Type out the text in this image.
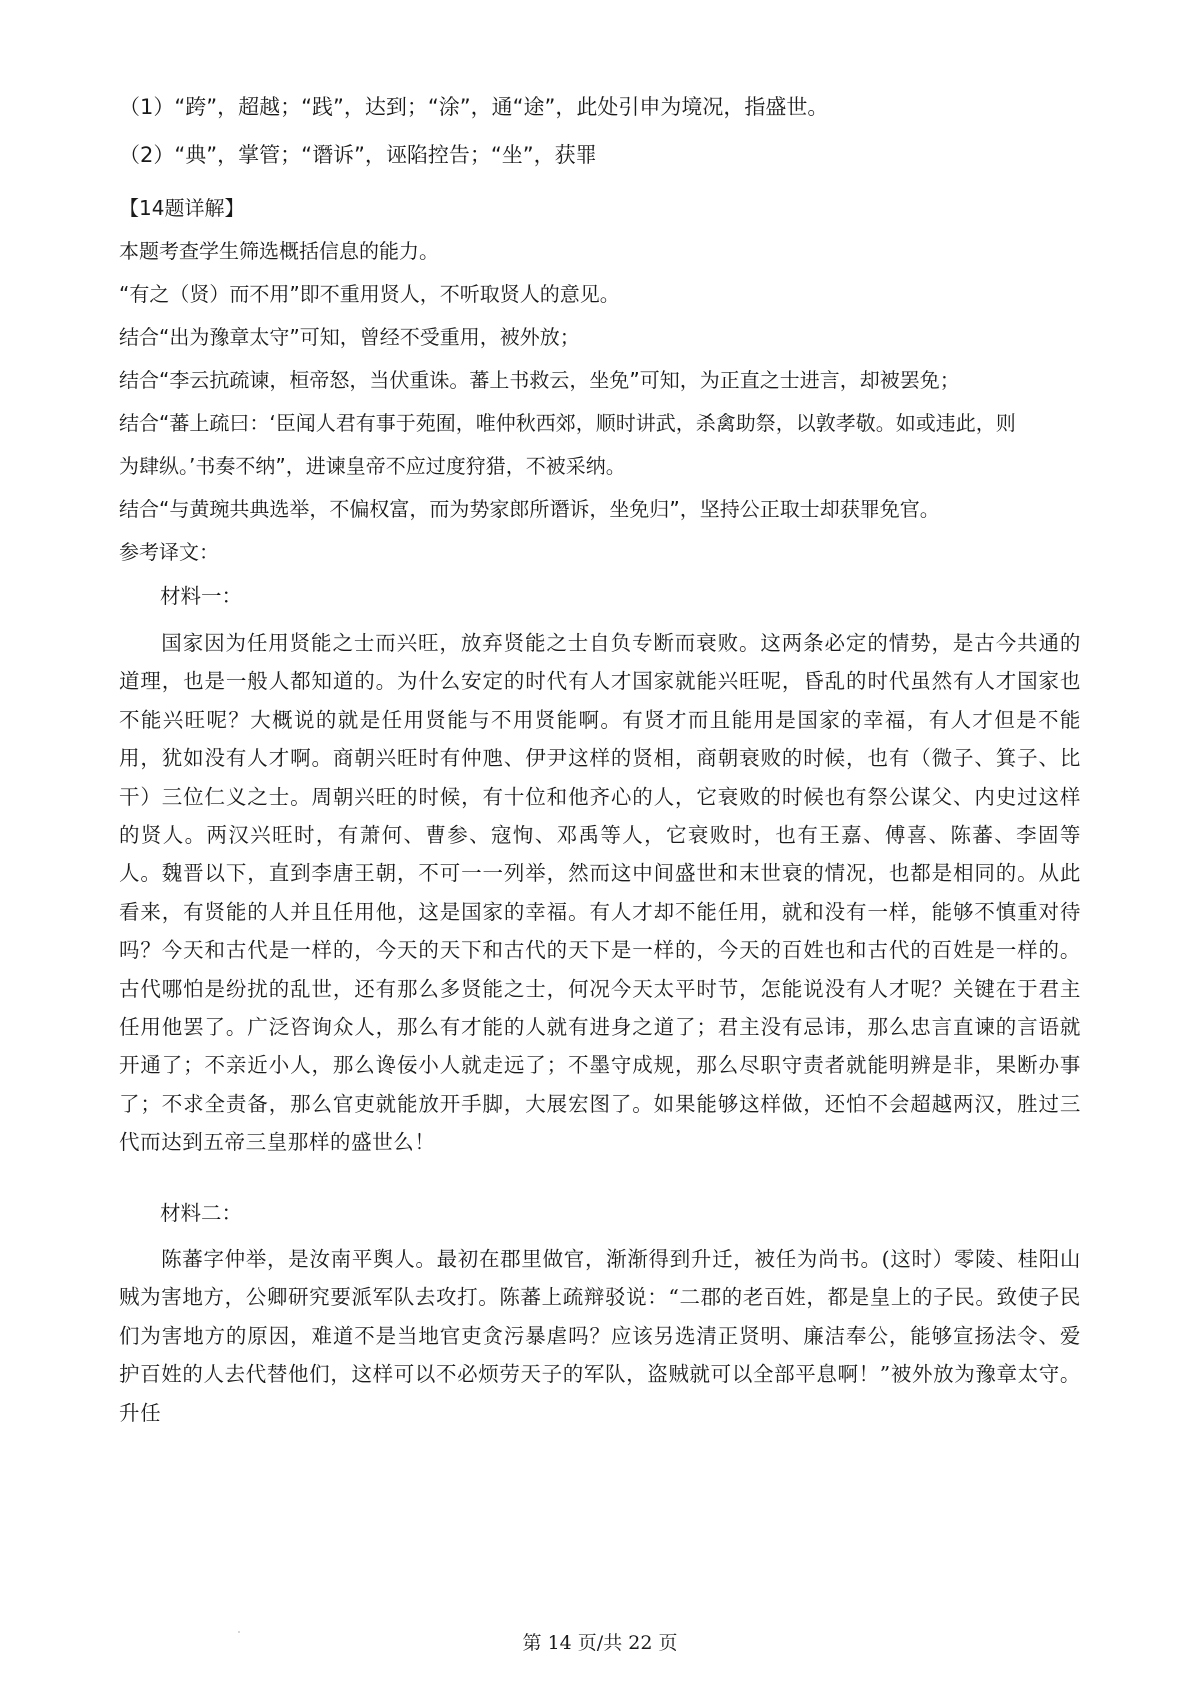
（1）“跨”，超越；“践”，达到；“涂”，通“途”，此处引申为境况，指盛世。
（2）“典”，掌管；“谮诉”，诬陷控告；“坐”，获罪
【14题详解】
本题考查学生筛选概括信息的能力。
“有之（贤）而不用”即不重用贤人，不听取贤人的意见。
结合“出为豫章太守”可知，曾经不受重用，被外放；
结合“李云抗疏谏，桓帝怒，当伏重诛。蕃上书救云，坐免”可知，为正直之士进言，却被罢免；
结合“蕃上疏曰：‘臣闻人君有事于苑囿，唯仲秋西郊，顺时讲武，杀禽助祭，以敦孝敬。如或违此，则
为肆纵。’书奏不纳”，进谏皇帝不应过度狩猎，不被采纳。
结合“与黄琬共典选举，不偏权富，而为势家郎所谮诉，坐免归”，坚持公正取士却获罪免官。
参考译文：
材料一：
国家因为任用贤能之士而兴旺，放弃贤能之士自负专断而衰败。这两条必定的情势，是古今共通的道理，也是一般人都知道的。为什么安定的时代有人才国家就能兴旺呢，昏乱的时代虽然有人才国家也不能兴旺呢？大概说的就是任用贤能与不用贤能啊。有贤才而且能用是国家的幸福，有人才但是不能用，犹如没有人才啊。商朝兴旺时有仲虺、伊尹这样的贤相，商朝衰败的时候，也有（微子、箕子、比干）三位仁义之士。周朝兴旺的时候，有十位和他齐心的人，它衰败的时候也有祭公谋父、内史过这样的贤人。两汉兴旺时，有萧何、曹参、寇恂、邓禹等人，它衰败时，也有王嘉、傅喜、陈蕃、李固等人。魏晋以下，直到李唐王朝，不可一一列举，然而这中间盛世和末世衰的情况，也都是相同的。从此看来，有贤能的人并且任用他，这是国家的幸福。有人才却不能任用，就和没有一样，能够不慎重对待吗？今天和古代是一样的，今天的天下和古代的天下是一样的，今天的百姓也和古代的百姓是一样的。古代哪怕是纷扰的乱世，还有那么多贤能之士，何况今天太平时节，怎能说没有人才呢？关键在于君主任用他罢了。广泛咨询众人，那么有才能的人就有进身之道了；君主没有忌讳，那么忠言直谏的言语就开通了；不亲近小人，那么谗佞小人就走远了；不墨守成规，那么尽职守责者就能明辨是非，果断办事了；不求全责备，那么官吏就能放开手脚，大展宏图了。如果能够这样做，还怕不会超越两汉，胜过三代而达到五帝三皇那样的盛世么！
材料二：
陈蕃字仲举，是汝南平舆人。最初在郡里做官，渐渐得到升迁，被任为尚书。(这时）零陵、桂阳山贼为害地方，公卿研究要派军队去攻打。陈蕃上疏辩驳说：“二郡的老百姓，都是皇上的子民。致使子民们为害地方的原因，难道不是当地官吏贪污暴虐吗？应该另选清正贤明、廉洁奉公，能够宣扬法令、爱护百姓的人去代替他们，这样可以不必烦劳天子的军队，盗贼就可以全部平息啊！”被外放为豫章太守。升任
第 14 页/共 22 页
